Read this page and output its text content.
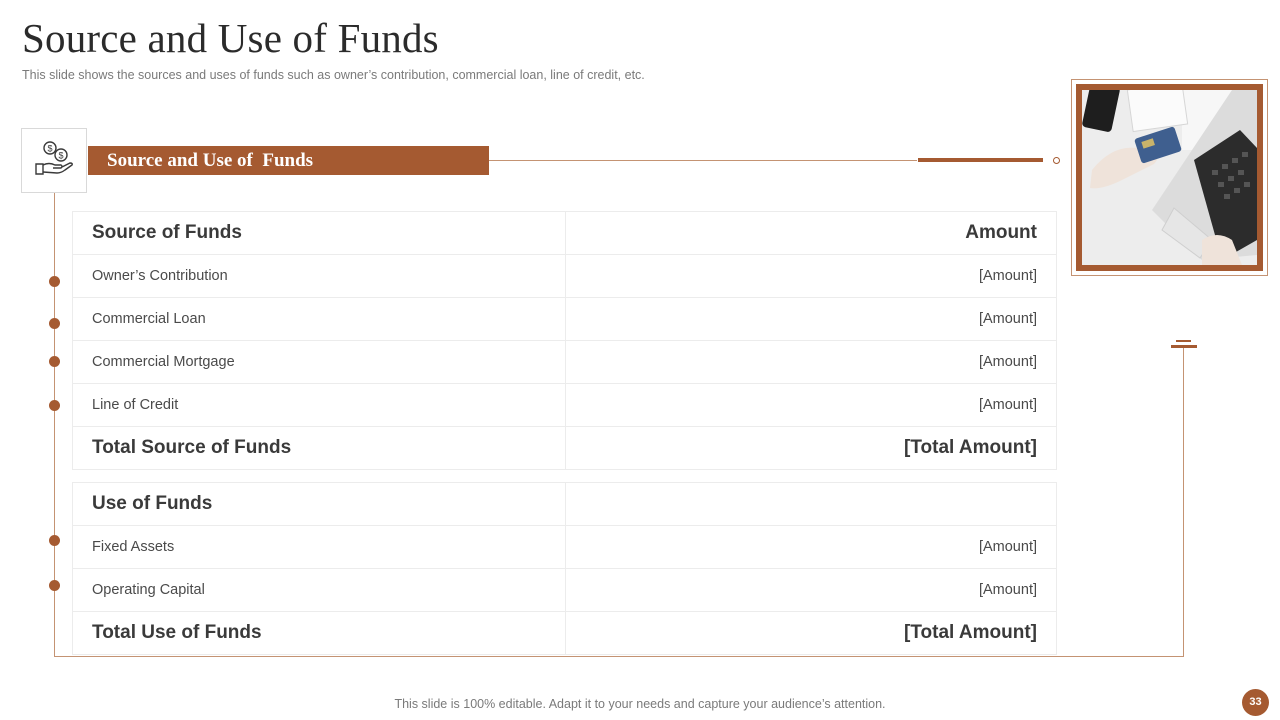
Source and Use of Funds
This slide shows the sources and uses of funds such as owner’s contribution, commercial loan, line of credit, etc.
$
$	Source and Use of  Funds
Source of Funds	Amount
Owner’s Contribution	[Amount]
Commercial Loan	[Amount]
Commercial Mortgage	[Amount]
Line of Credit	[Amount]
Total Source of Funds	[Total Amount]

Use of Funds	
Fixed Assets	[Amount]
Operating Capital	[Amount]
Total Use of Funds	[Total Amount]
This slide is 100% editable. Adapt it to your needs and capture your audience’s attention.	33
